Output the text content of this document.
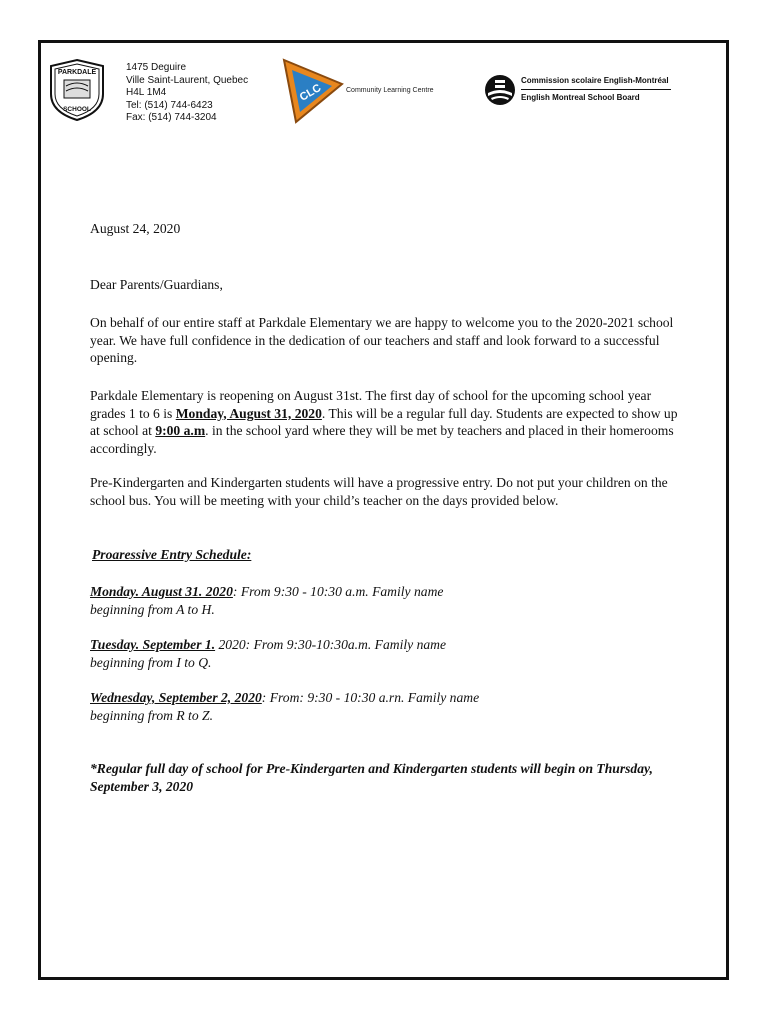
PARKDALE
SCHOOL
1475 Deguire
Ville Saint-Laurent, Quebec
H4L 1M4
Tel: (514) 744-6423
Fax: (514) 744-3204
CLC	Community Learning Centre
Commission scolaire English-Montréal
English Montreal School Board
August 24, 2020
Dear Parents/Guardians,
On behalf of our entire staff at Parkdale Elementary we are happy to welcome you to the 2020-2021 school year. We have full confidence in the dedication of our teachers and staff and look forward to a successful opening.
Parkdale Elementary is reopening on August 31st. The first day of school for the upcoming school year grades 1 to 6 is Monday, August 31, 2020. This will be a regular full day. Students are expected to show up at school at 9:00 a.m. in the school yard where they will be met by teachers and placed in their homerooms accordingly.
Pre-Kindergarten and Kindergarten students will have a progressive entry. Do not put your children on the school bus. You will be meeting with your child’s teacher on the days provided below.
Proaressive Entry Schedule:
Monday. August 31. 2020: From 9:30 - 10:30 a.m. Family name
beginning from A to H.
Tuesday. September 1. 2020: From 9:30-10:30a.m. Family name
beginning from I to Q.
Wednesday, September 2, 2020: From: 9:30 - 10:30 a.rn. Family name
beginning from R to Z.
*Regular full day of school for Pre-Kindergarten and Kindergarten students will begin on Thursday, September 3, 2020
